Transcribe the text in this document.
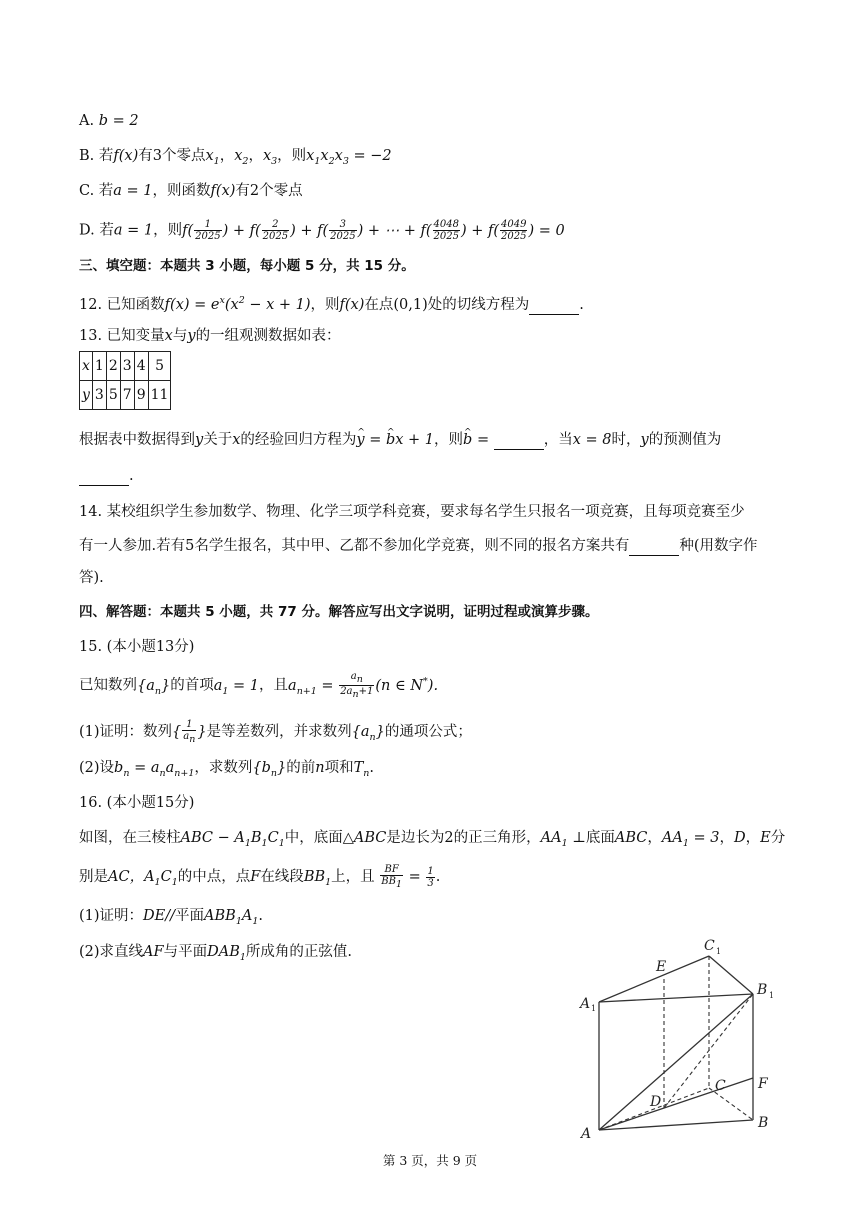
A. b = 2
B. 若f(x)有3个零点$x_1$，$x_2$，$x_3$，则$x_1x_2x_3 = -2$
C. 若a = 1，则函数f(x)有2个零点
D. 若a = 1，则$f( \frac{1}{2025}$ ) + $f( \frac{2}{2025}$ ) + $f( \frac{3}{2025}$ ) + ⋯ + $f( \frac{4048}{2025}$ ) + $f( \frac{4049}{2025}$ ) = 0
三、填空题：本题共 3 小题，每小题 5 分，共 15 分。
12. 已知函数$f(x) = e^x(x^2 - x + 1)$，则f(x)在点(0,1)处的切线方程为	.
13. 已知变量x与y的一组观测数据如表：
x	1	2	3	4	5
y	3	5	7	9	11
根据表中数据得到y关于x的经验回归方程为^ y = ^ bx + 1，则^ b =	，当x = 8时，y的预测值为
.
14. 某校组织学生参加数学、物理、化学三项学科竞赛，要求每名学生只报名一项竞赛，且每项竞赛至少
有一人参加.若有5名学生报名，其中甲、乙都不参加化学竞赛，则不同的报名方案共有	种(用数字作
答).
四、解答题：本题共 5 小题，共 77 分。解答应写出文字说明，证明过程或演算步骤。
15. (本小题13分)
已知数列$\{a_n\}$的首项$a_1 = 1$，且$a_{n+1} = \frac{a_n}{2a_n+1} (n$ ∈ N*).
(1)证明：数列{ $\frac{1}{a_n}$ }是等差数列，并求数列$\{a_n\}$的通项公式；
(2)设$b_n = a_na_{n+1}$，求数列$\{b_n\}$的前n项和$T_n$.
16. (本小题15分)
如图，在三棱柱ABC − $A_1B_1C_1$中，底面△ABC是边长为2的正三角形，$AA_1$ ⊥底面ABC，$AA_1 = 3$，D，E分
别是AC，$A_1C_1$的中点，点F在线段$BB_1$上，且 $\frac{BF}{BB_1} = \frac{1}{3}$ .
(1)证明：DE//平面$ABB_1A_1$.
(2)求直线AF与平面$DAB_1$所成角的正弦值.	C 1
B 1
A 1
E
C F
D
A
B
第 3 页，共 9 页
